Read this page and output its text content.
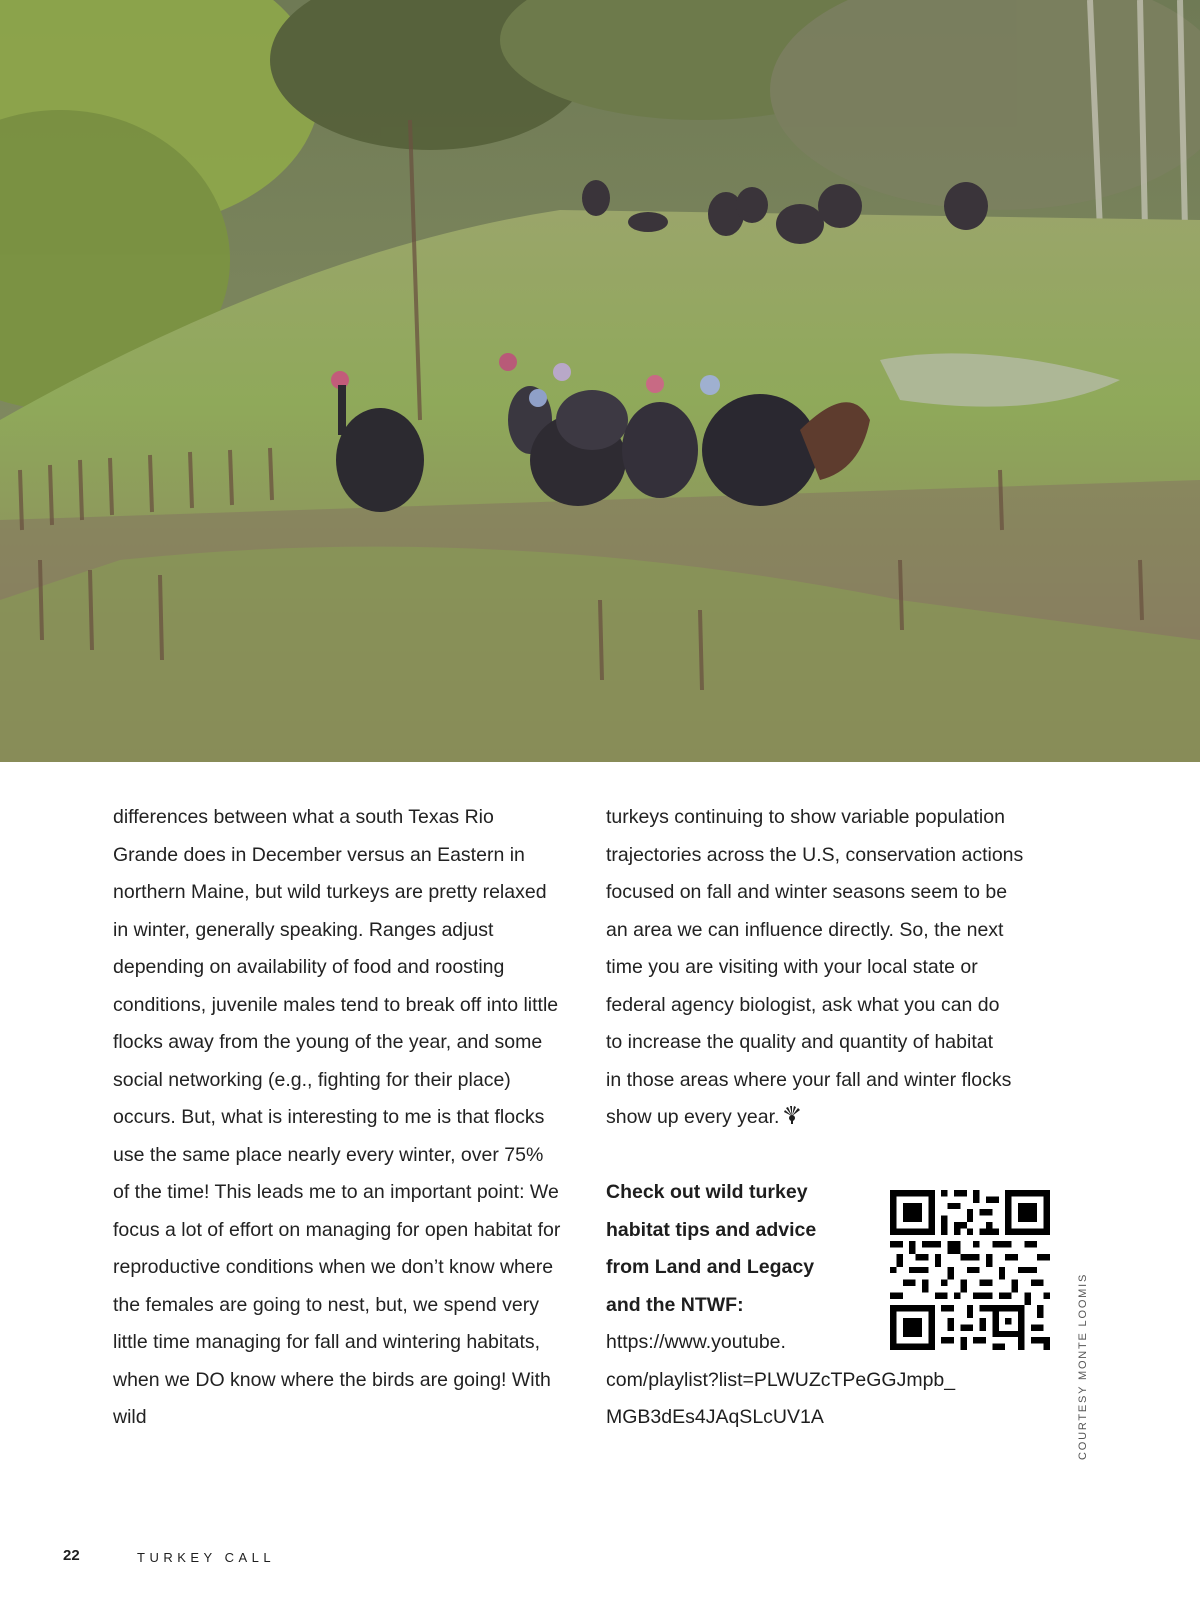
differences between what a south Texas Rio Grande does in December versus an Eastern in northern Maine, but wild turkeys are pretty relaxed in winter, generally speaking. Ranges adjust depending on availability of food and roosting conditions, juvenile males tend to break off into little flocks away from the young of the year, and some social networking (e.g., fighting for their place) occurs. But, what is interesting to me is that flocks use the same place nearly every winter, over 75% of the time! This leads me to an important point: We focus a lot of effort on managing for open habitat for reproductive conditions when we don’t know where the females are going to nest, but, we spend very little time managing for fall and wintering habitats, when we DO know where the birds are going! With wild

turkeys continuing to show variable population

trajectories across the U.S, conservation actions

focused on fall and winter seasons seem to be

an area we can influence directly. So, the next

time you are visiting with your local state or

federal agency biologist, ask what you can do

to increase the quality and quantity of habitat

in those areas where your fall and winter flocks

show up every year.

Check out wild turkey
habitat tips and advice
from Land and Legacy
and the NTWF:

https://www.youtube.
com/playlist?list=PLWUZcTPeGGJmpb_
MGB3dEs4JAqSLcUV1A	COURTESY MONTE LOOMIS
22	TURKEY CALL
